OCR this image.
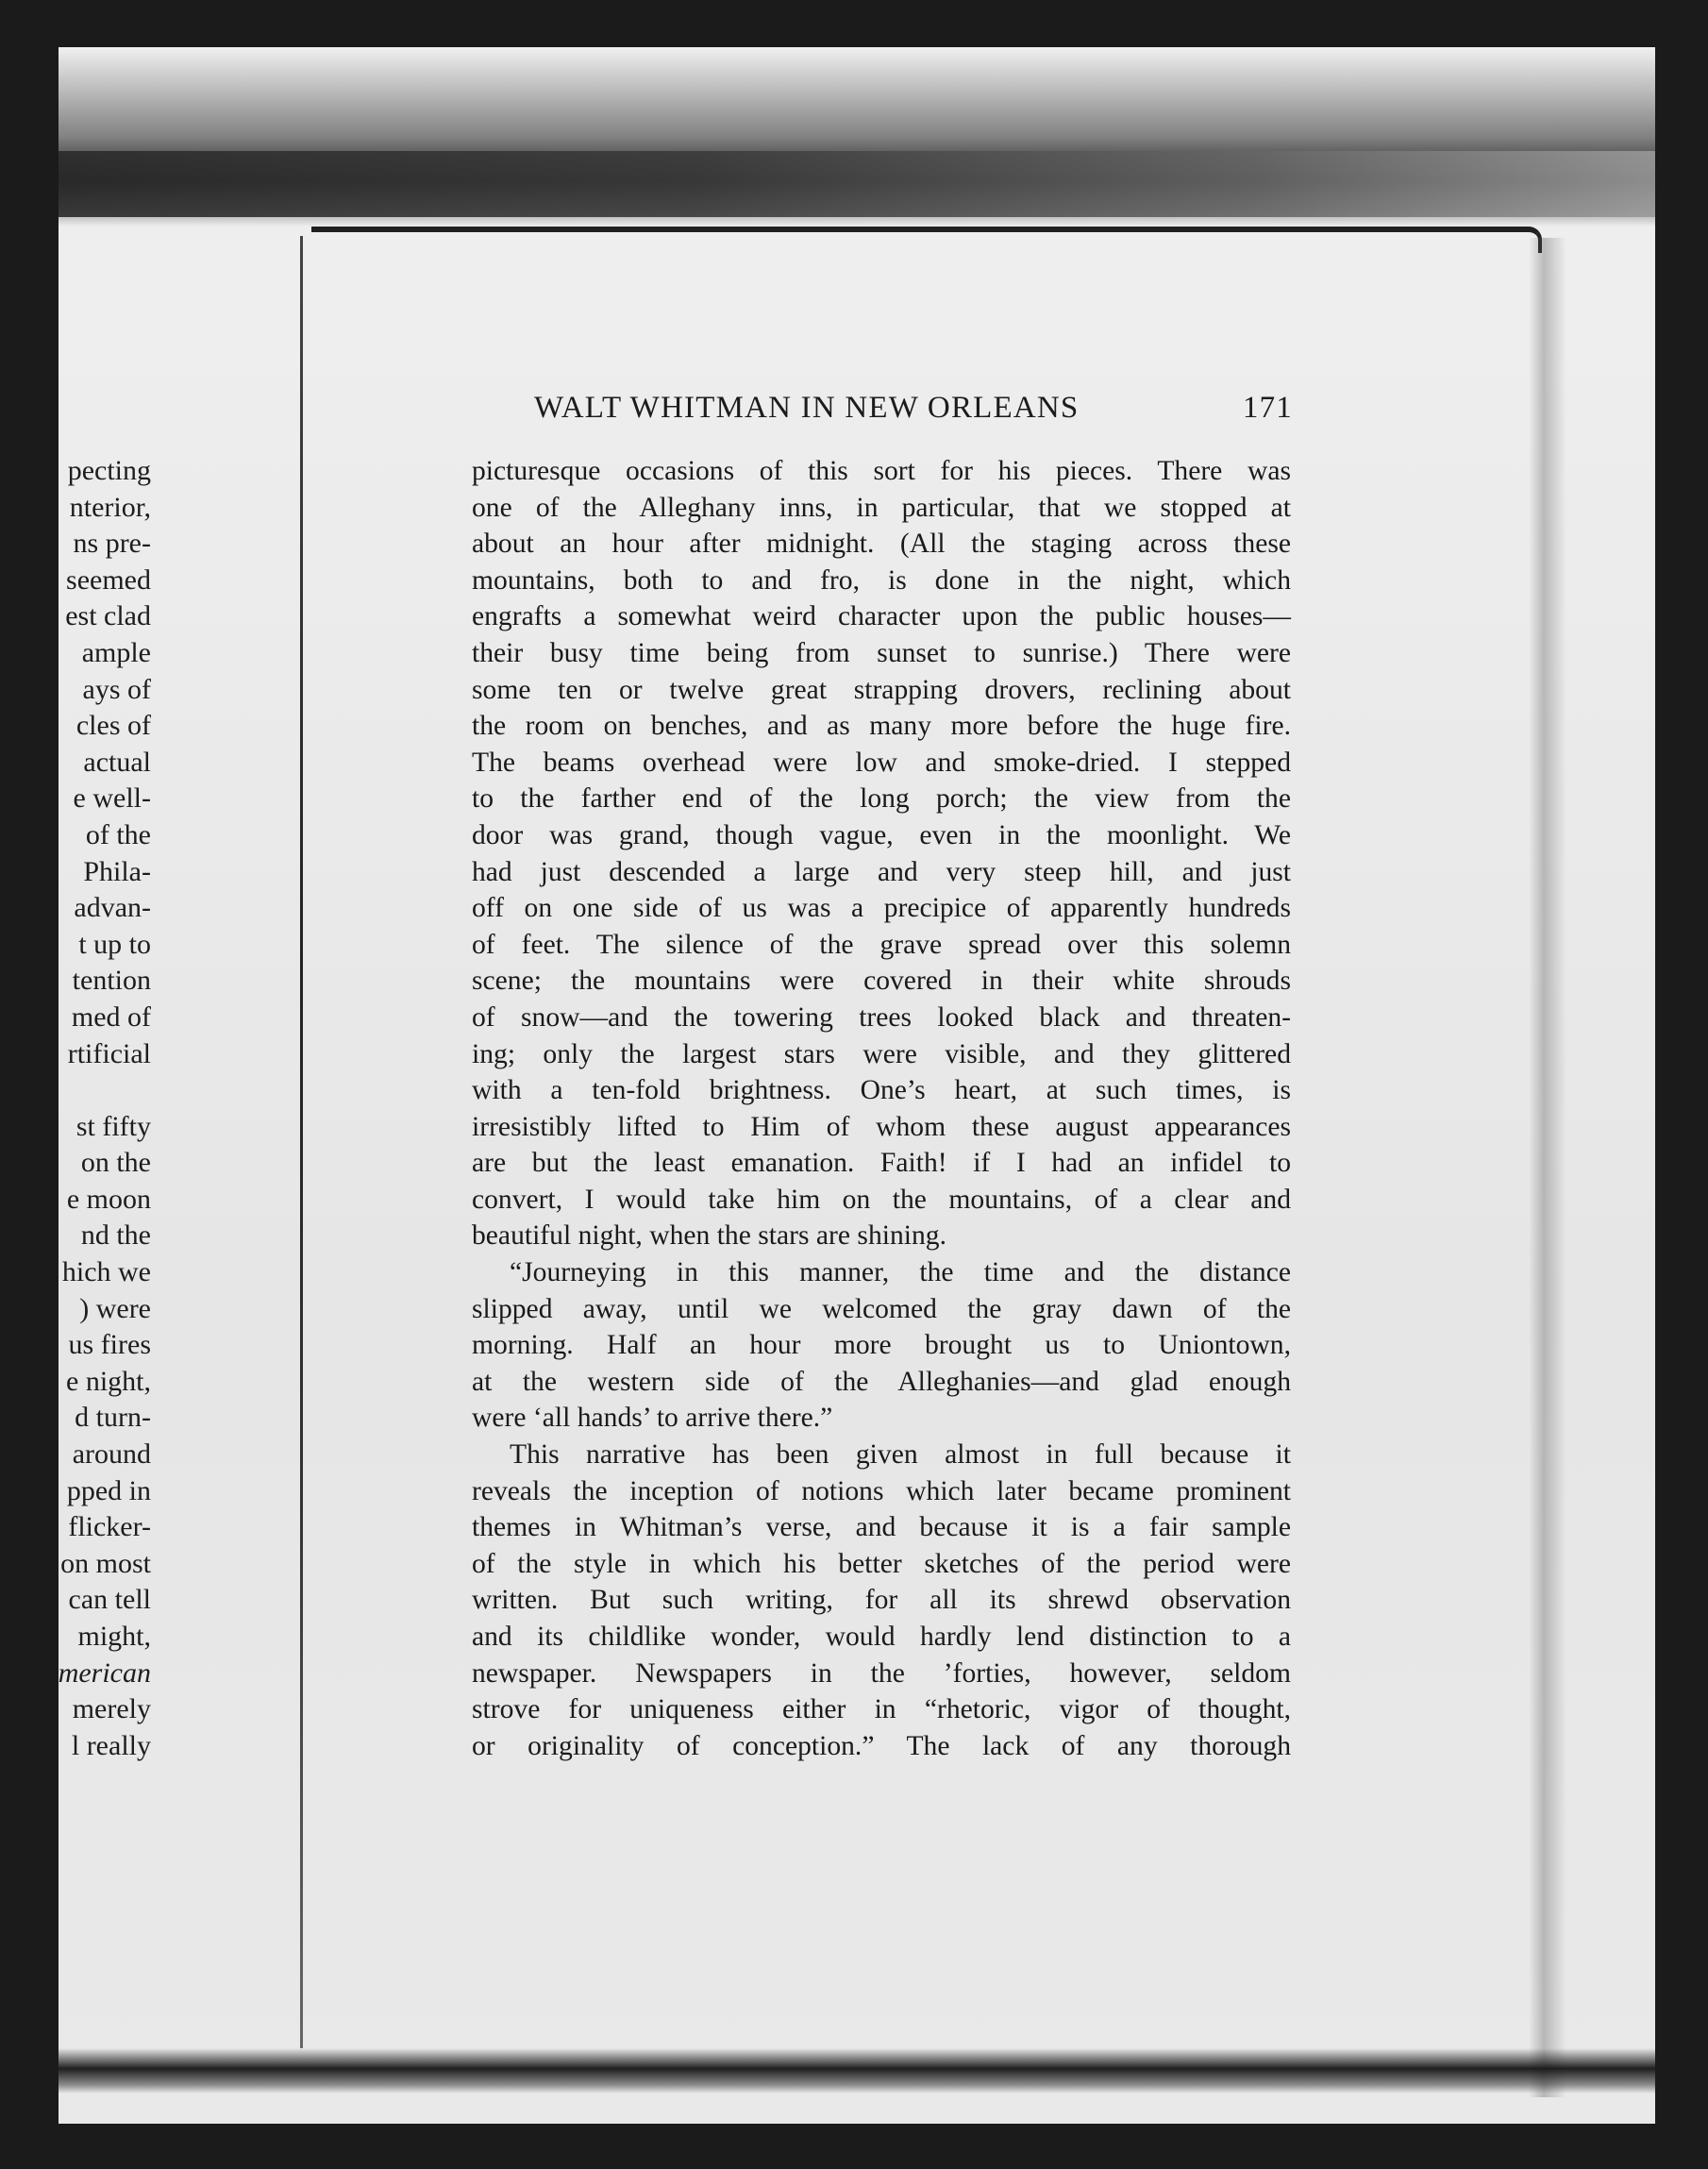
pecting
nterior,
ns pre-
seemed
est clad
ample
ays of
cles of
actual
e well-
of the
Phila-
advan-
t up to
tention
med of
rtificial
st fifty
on the
e moon
nd the
hich we
) were
us fires
e night,
d turn-
around
pped in
flicker-
on most
can tell
might,
merican
merely
l really
WALT WHITMAN IN NEW ORLEANS	171
picturesque occasions of this sort for his pieces. There was
one of the Alleghany inns, in particular, that we stopped at
about an hour after midnight. (All the staging across these
mountains, both to and fro, is done in the night, which
engrafts a somewhat weird character upon the public houses—
their busy time being from sunset to sunrise.) There were
some ten or twelve great strapping drovers, reclining about
the room on benches, and as many more before the huge fire.
The beams overhead were low and smoke-dried. I stepped
to the farther end of the long porch; the view from the
door was grand, though vague, even in the moonlight. We
had just descended a large and very steep hill, and just
off on one side of us was a precipice of apparently hundreds
of feet. The silence of the grave spread over this solemn
scene; the mountains were covered in their white shrouds
of snow—and the towering trees looked black and threaten-
ing; only the largest stars were visible, and they glittered
with a ten-fold brightness. One’s heart, at such times, is
irresistibly lifted to Him of whom these august appearances
are but the least emanation. Faith! if I had an infidel to
convert, I would take him on the mountains, of a clear and
beautiful night, when the stars are shining.
“Journeying in this manner, the time and the distance
slipped away, until we welcomed the gray dawn of the
morning. Half an hour more brought us to Uniontown,
at the western side of the Alleghanies—and glad enough
were ‘all hands’ to arrive there.”
This narrative has been given almost in full because it
reveals the inception of notions which later became prominent
themes in Whitman’s verse, and because it is a fair sample
of the style in which his better sketches of the period were
written. But such writing, for all its shrewd observation
and its childlike wonder, would hardly lend distinction to a
newspaper. Newspapers in the ’forties, however, seldom
strove for uniqueness either in “rhetoric, vigor of thought,
or originality of conception.” The lack of any thorough
